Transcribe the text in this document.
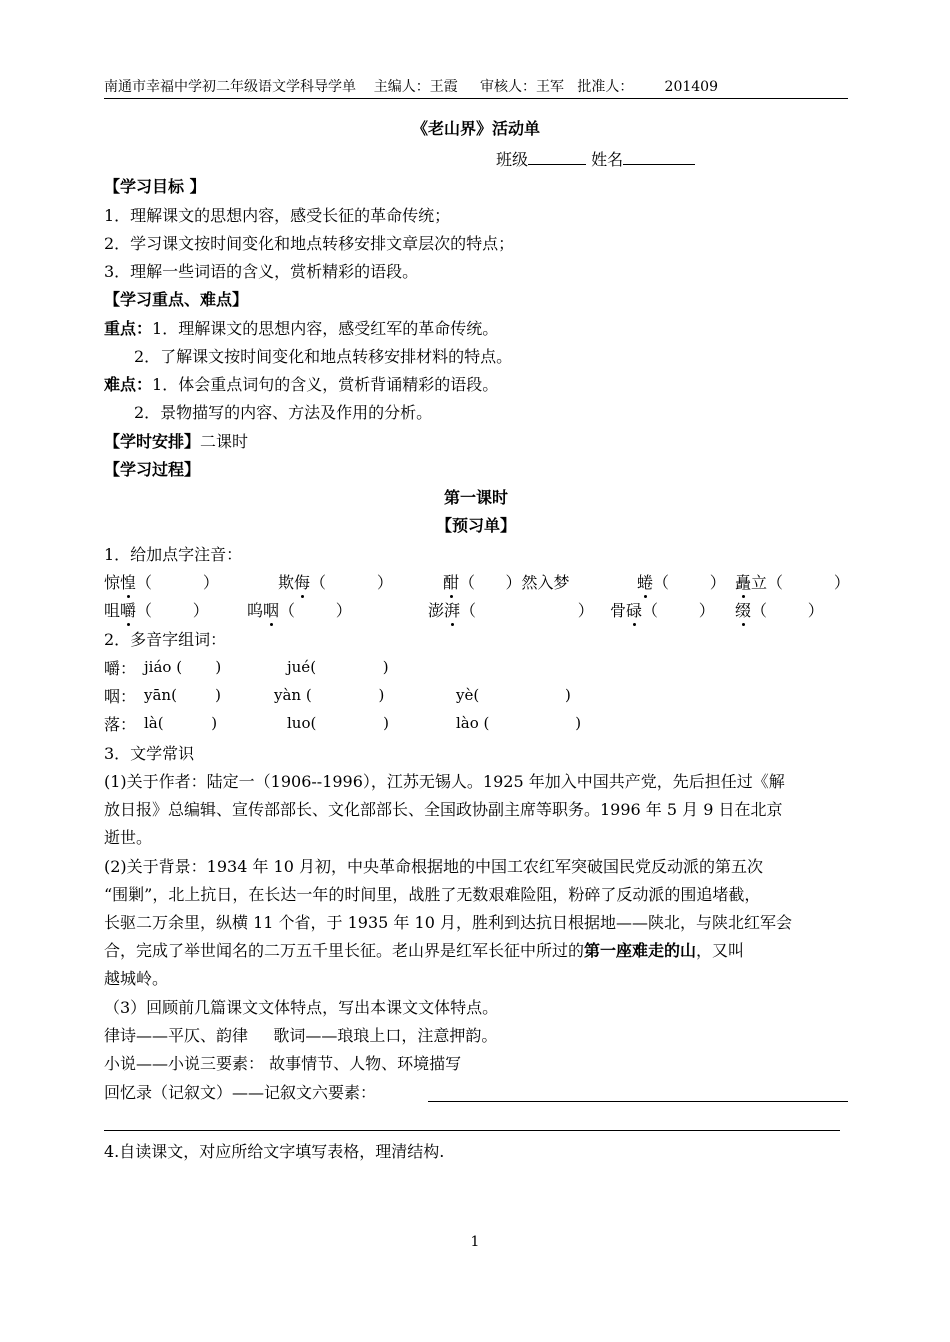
南通市幸福中学初二年级语文学科导学单    主编人：王霞     审核人：王军   批准人：       201409
《老山界》活动单
班级	姓名
【学习目标 】
1．理解课文的思想内容，感受长征的革命传统；
2．学习课文按时间变化和地点转移安排文章层次的特点；
3．理解一些词语的含义，赏析精彩的语段。
【学习重点、难点】
重点：1．理解课文的思想内容，感受红军的革命传统。
2．了解课文按时间变化和地点转移安排材料的特点。
难点：1．体会重点词句的含义，赏析背诵精彩的语段。
2．景物描写的内容、方法及作用的分析。
【学时安排】二课时
【学习过程】
第一课时
【预习单】
1．给加点字注音：
惊惶（          ）	欺侮（          ）	酣（      ）然入梦	蜷（        ） 矗立（          ）
咀嚼（        ） 呜咽（        ）	澎湃（                    ） 骨碌（        ） 缀（        ）
2．多音字组词：
嚼： jiáo (       )	jué(              )
咽： yān(        )	yàn (              )	yè(                  )
落： là(          )	luo(              )	lào (                  )
3．文学常识
(1)关于作者：陆定一（1906--1996），江苏无锡人。1925 年加入中国共产党，先后担任过《解
放日报》总编辑、宣传部部长、文化部部长、全国政协副主席等职务。1996 年 5 月 9 日在北京
逝世。
(2)关于背景：1934 年 10 月初，中央革命根据地的中国工农红军突破国民党反动派的第五次
“围剿”，北上抗日，在长达一年的时间里，战胜了无数艰难险阻，粉碎了反动派的围追堵截，
长驱二万余里，纵横 11 个省，于 1935 年 10 月，胜利到达抗日根据地——陕北，与陕北红军会
合，完成了举世闻名的二万五千里长征。老山界是红军长征中所过的第一座难走的山，又叫
越城岭。
（3）回顾前几篇课文文体特点，写出本课文文体特点。
律诗——平仄、韵律     歌词——琅琅上口，注意押韵。
小说——小说三要素： 故事情节、人物、环境描写
回忆录（记叙文）——记叙文六要素：
4.自读课文，对应所给文字填写表格，理清结构.
1
